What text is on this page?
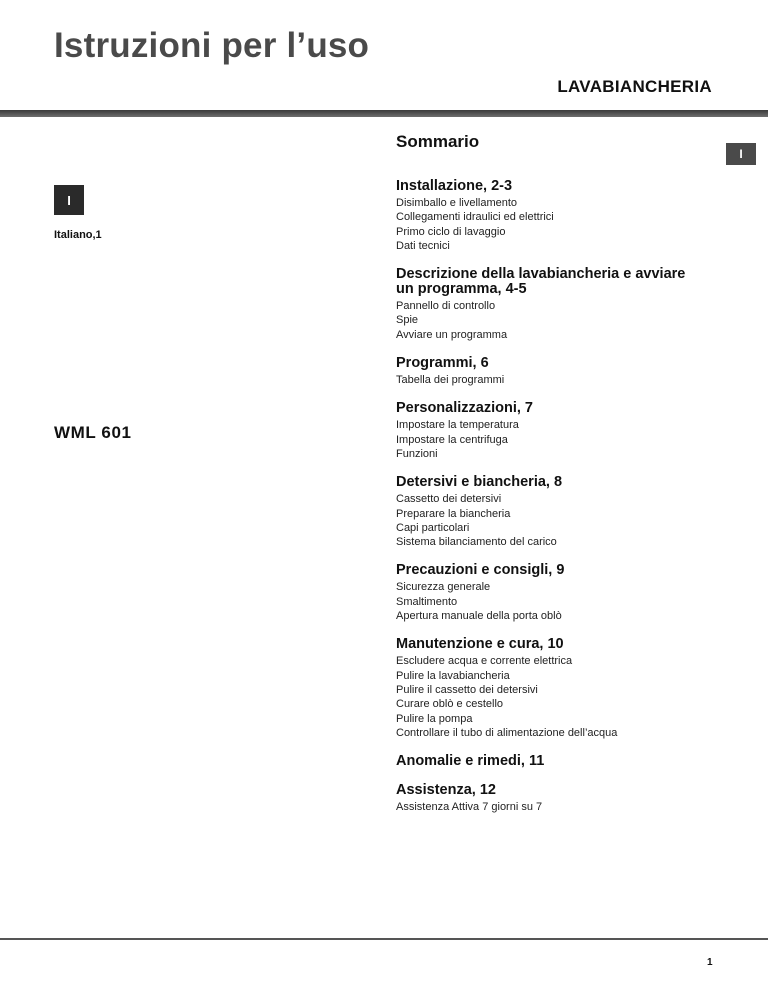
Istruzioni per l’uso
LAVABIANCHERIA
I
I
Italiano,1
WML 601
Sommario
Installazione, 2-3
Disimballo e livellamento
Collegamenti idraulici ed elettrici
Primo ciclo di lavaggio
Dati tecnici
Descrizione della lavabiancheria e avviare un programma, 4-5
Pannello di controllo
Spie
Avviare un programma
Programmi, 6
Tabella dei programmi
Personalizzazioni, 7
Impostare la temperatura
Impostare la centrifuga
Funzioni
Detersivi e biancheria, 8
Cassetto dei detersivi
Preparare la biancheria
Capi particolari
Sistema bilanciamento del carico
Precauzioni e consigli, 9
Sicurezza generale
Smaltimento
Apertura manuale della porta oblò
Manutenzione e cura, 10
Escludere acqua e corrente elettrica
Pulire la lavabiancheria
Pulire il cassetto dei detersivi
Curare oblò e cestello
Pulire la pompa
Controllare il tubo di alimentazione dell’acqua
Anomalie e rimedi, 11
Assistenza, 12
Assistenza Attiva 7 giorni su 7
1
